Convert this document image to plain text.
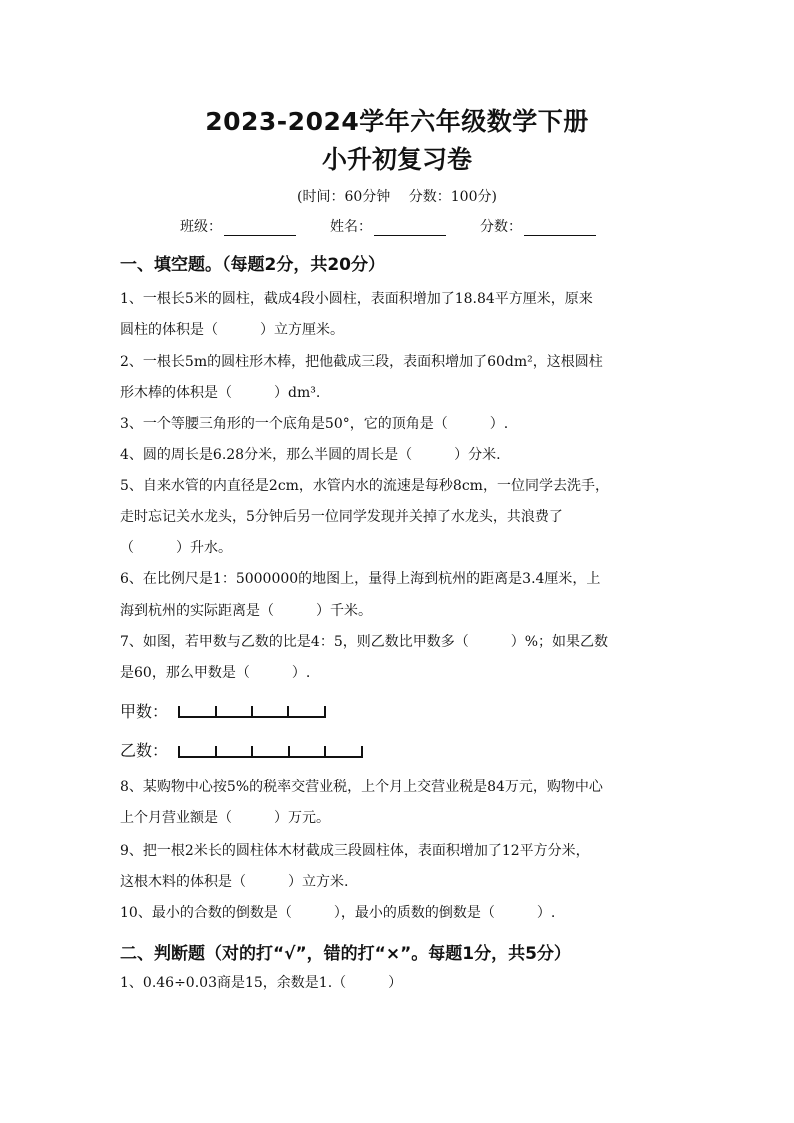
2023-2024学年六年级数学下册
小升初复习卷
(时间：60分钟 分数：100分)
班级：	姓名：	分数：
一、填空题。（每题2分，共20分）
1、一根长5米的圆柱，截成4段小圆柱，表面积增加了18.84平方厘米，原来
圆柱的体积是（　　　）立方厘米。
2、一根长5m的圆柱形木棒，把他截成三段，表面积增加了60dm²，这根圆柱
形木棒的体积是（　　　）dm³.
3、一个等腰三角形的一个底角是50°，它的顶角是（　　　）.
4、圆的周长是6.28分米，那么半圆的周长是（　　　）分米.
5、自来水管的内直径是2cm，水管内水的流速是每秒8cm，一位同学去洗手，
走时忘记关水龙头，5分钟后另一位同学发现并关掉了水龙头，共浪费了
（　　　）升水。
6、在比例尺是1：5000000的地图上，量得上海到杭州的距离是3.4厘米，上
海到杭州的实际距离是（　　　）千米。
7、如图，若甲数与乙数的比是4：5，则乙数比甲数多（　　　）%；如果乙数
是60，那么甲数是（　　　）.
甲数：
乙数：
8、某购物中心按5%的税率交营业税，上个月上交营业税是84万元，购物中心
上个月营业额是（　　　）万元。
9、把一根2米长的圆柱体木材截成三段圆柱体，表面积增加了12平方分米，
这根木料的体积是（　　　）立方米.
10、最小的合数的倒数是（　　　），最小的质数的倒数是（　　　）.
二、判断题（对的打“√”，错的打“×”。每题1分，共5分）
1、0.46÷0.03商是15，余数是1.（　　　）
